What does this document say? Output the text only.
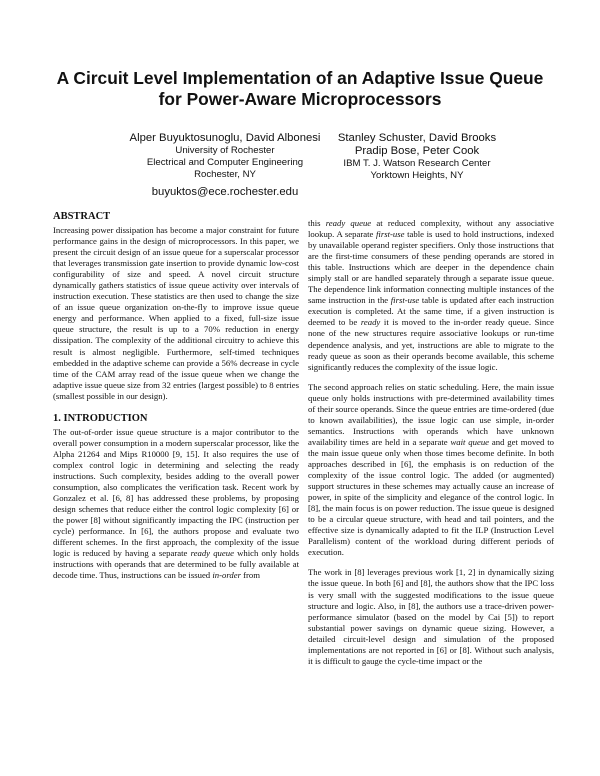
A Circuit Level Implementation of an Adaptive Issue Queue
for Power-Aware Microprocessors
Alper Buyuktosunoglu, David Albonesi
University of Rochester
Electrical and Computer Engineering
Rochester, NY
buyuktos@ece.rochester.edu
Stanley Schuster, David Brooks
Pradip Bose, Peter Cook
IBM T. J. Watson Research Center
Yorktown Heights, NY
ABSTRACT

Increasing power dissipation has become a major constraint for future performance gains in the design of microprocessors. In this paper, we present the circuit design of an issue queue for a superscalar processor that leverages transmission gate insertion to provide dynamic low-cost configurability of size and speed. A novel circuit structure dynamically gathers statistics of issue queue activity over intervals of instruction execution. These statistics are then used to change the size of an issue queue organization on-the-fly to improve issue queue energy and performance. When applied to a fixed, full-size issue queue structure, the result is up to a 70% reduction in energy dissipation. The complexity of the additional circuitry to achieve this result is almost negligible. Furthermore, self-timed techniques embedded in the adaptive scheme can provide a 56% decrease in cycle time of the CAM array read of the issue queue when we change the adaptive issue queue size from 32 entries (largest possible) to 8 entries (smallest possible in our design).

1. INTRODUCTION

The out-of-order issue queue structure is a major contributor to the overall power consumption in a modern superscalar processor, like the Alpha 21264 and Mips R10000 [9, 15]. It also requires the use of complex control logic in determining and selecting the ready instructions. Such complexity, besides adding to the overall power consumption, also complicates the verification task. Recent work by Gonzalez et al. [6, 8] has addressed these problems, by proposing design schemes that reduce either the control logic complexity [6] or the power [8] without significantly impacting the IPC (instruction per cycle) performance. In [6], the authors propose and evaluate two different schemes. In the first approach, the complexity of the issue logic is reduced by having a separate ready queue which only holds instructions with operands that are determined to be fully available at decode time. Thus, instructions can be issued in-order from

this ready queue at reduced complexity, without any associative lookup. A separate first-use table is used to hold instructions, indexed by unavailable operand register specifiers. Only those instructions that are the first-time consumers of these pending operands are stored in this table. Instructions which are deeper in the dependence chain simply stall or are handled separately through a separate issue queue. The dependence link information connecting multiple instances of the same instruction in the first-use table is updated after each instruction execution is completed. At the same time, if a given instruction is deemed to be ready it is moved to the in-order ready queue. Since none of the new structures require associative lookups or run-time dependence analysis, and yet, instructions are able to migrate to the ready queue as soon as their operands become available, this scheme significantly reduces the complexity of the issue logic.

The second approach relies on static scheduling. Here, the main issue queue only holds instructions with pre-determined availability times of their source operands. Since the queue entries are time-ordered (due to known availabilities), the issue logic can use simple, in-order semantics. Instructions with operands which have unknown availability times are held in a separate wait queue and get moved to the main issue queue only when those times become definite. In both approaches described in [6], the emphasis is on reduction of the complexity of the issue control logic. The added (or augmented) support structures in these schemes may actually cause an increase of power, in spite of the simplicity and elegance of the control logic. In [8], the main focus is on power reduction. The issue queue is designed to be a circular queue structure, with head and tail pointers, and the effective size is dynamically adapted to fit the ILP (Instruction Level Parallelism) content of the workload during different periods of execution.

The work in [8] leverages previous work [1, 2] in dynamically sizing the issue queue. In both [6] and [8], the authors show that the IPC loss is very small with the suggested modifications to the issue queue structure and logic. Also, in [8], the authors use a trace-driven power-performance simulator (based on the model by Cai [5]) to report substantial power savings on dynamic queue sizing. However, a detailed circuit-level design and simulation of the proposed implementations are not reported in [6] or [8]. Without such analysis, it is difficult to gauge the cycle-time impact or the
